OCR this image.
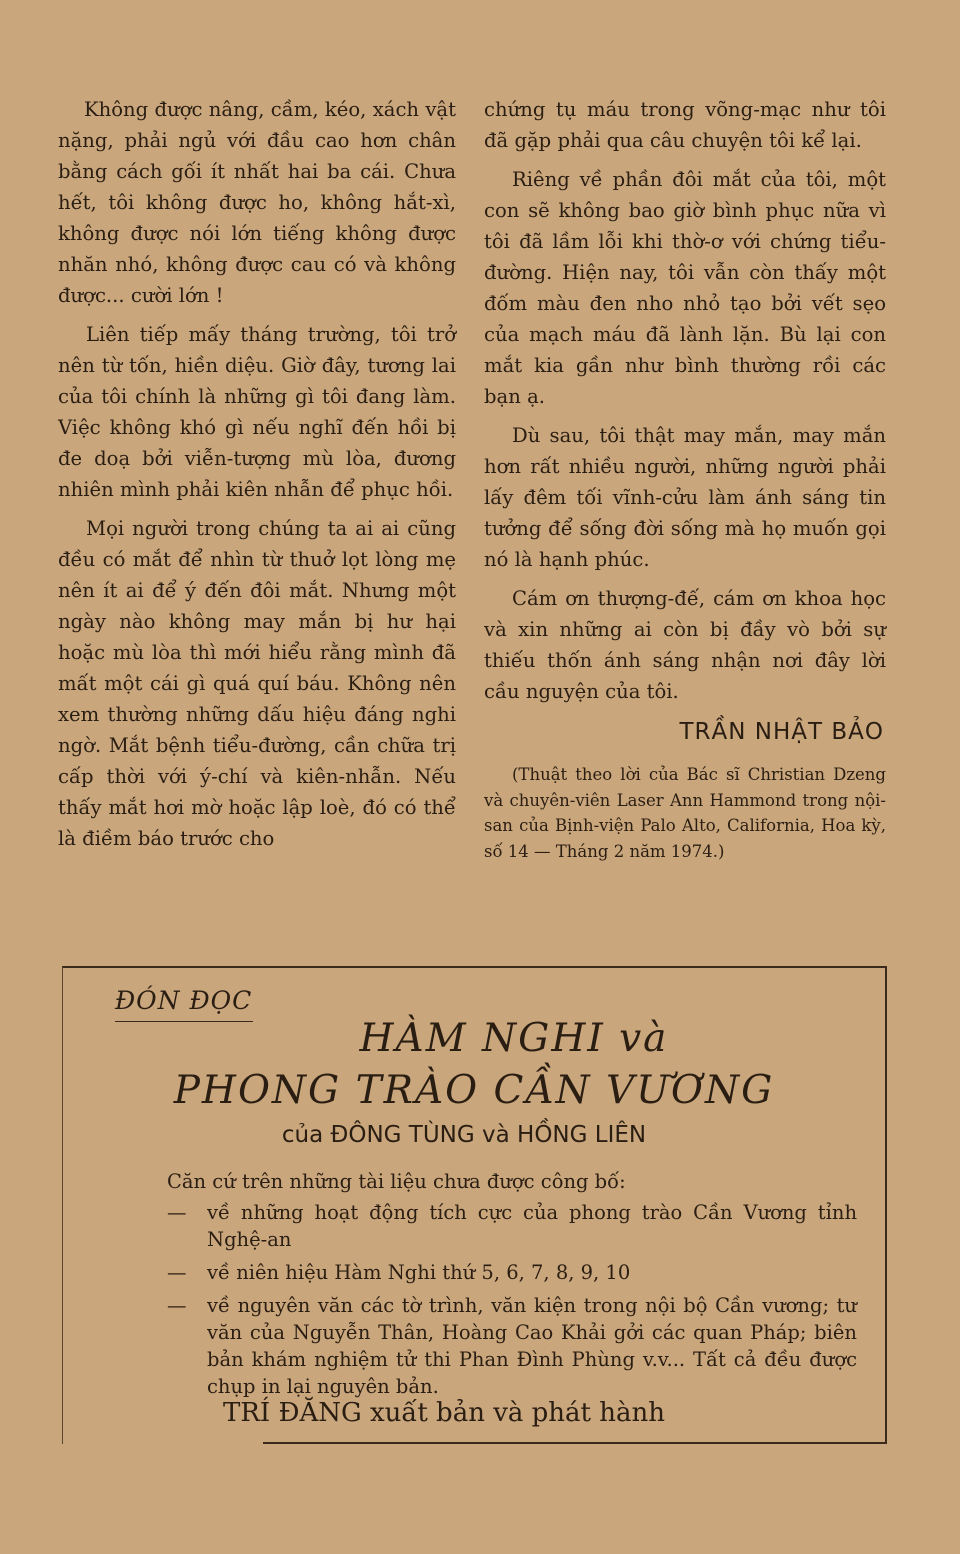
Không được nâng, cầm, kéo, xách vật nặng, phải ngủ với đầu cao hơn chân bằng cách gối ít nhất hai ba cái. Chưa hết, tôi không được ho, không hắt-xì, không được nói lớn tiếng không được nhăn nhó, không được cau có và không được... cười lớn !

Liên tiếp mấy tháng trường, tôi trở nên từ tốn, hiền diệu. Giờ đây, tương lai của tôi chính là những gì tôi đang làm. Việc không khó gì nếu nghĩ đến hồi bị đe doạ bởi viễn-tượng mù lòa, đương nhiên mình phải kiên nhẫn để phục hồi.

Mọi người trong chúng ta ai ai cũng đều có mắt để nhìn từ thuở lọt lòng mẹ nên ít ai để ý đến đôi mắt. Nhưng một ngày nào không may mắn bị hư hại hoặc mù lòa thì mới hiểu rằng mình đã mất một cái gì quá quí báu. Không nên xem thường những dấu hiệu đáng nghi ngờ. Mắt bệnh tiểu-đường, cần chữa trị cấp thời với ý-chí và kiên-nhẫn. Nếu thấy mắt hơi mờ hoặc lập loè, đó có thể là điềm báo trước cho

chứng tụ máu trong võng-mạc như tôi đã gặp phải qua câu chuyện tôi kể lại.

Riêng về phần đôi mắt của tôi, một con sẽ không bao giờ bình phục nữa vì tôi đã lầm lỗi khi thờ-ơ với chứng tiểu-đường. Hiện nay, tôi vẫn còn thấy một đốm màu đen nho nhỏ tạo bởi vết sẹo của mạch máu đã lành lặn. Bù lại con mắt kia gần như bình thường rồi các bạn ạ.

Dù sau, tôi thật may mắn, may mắn hơn rất nhiều người, những người phải lấy đêm tối vĩnh-cửu làm ánh sáng tin tưởng để sống đời sống mà họ muốn gọi nó là hạnh phúc.

Cám ơn thượng-đế, cám ơn khoa học và xin những ai còn bị đầy vò bởi sự thiếu thốn ánh sáng nhận nơi đây lời cầu nguyện của tôi.

TRẦN NHẬT BẢO

(Thuật theo lời của Bác sĩ Christian Dzeng và chuyên-viên Laser Ann Hammond trong nội-san của Bịnh-viện Palo Alto, California, Hoa kỳ, số 14 — Tháng 2 năm 1974.)

ĐÓN ĐỌC
HÀM NGHI và
PHONG TRÀO CẦN VƯƠNG
của ĐÔNG TÙNG và HỒNG LIÊN

Căn cứ trên những tài liệu chưa được công bố:

—	về những hoạt động tích cực của phong trào Cần Vương tỉnh Nghệ-an
—	về niên hiệu Hàm Nghi thứ 5, 6, 7, 8, 9, 10
—	về nguyên văn các tờ trình, văn kiện trong nội bộ Cần vương; tư văn của Nguyễn Thân, Hoàng Cao Khải gởi các quan Pháp; biên bản khám nghiệm tử thi Phan Đình Phùng v.v... Tất cả đều được chụp in lại nguyên bản.
TRÍ ĐĂNG xuất bản và phát hành
